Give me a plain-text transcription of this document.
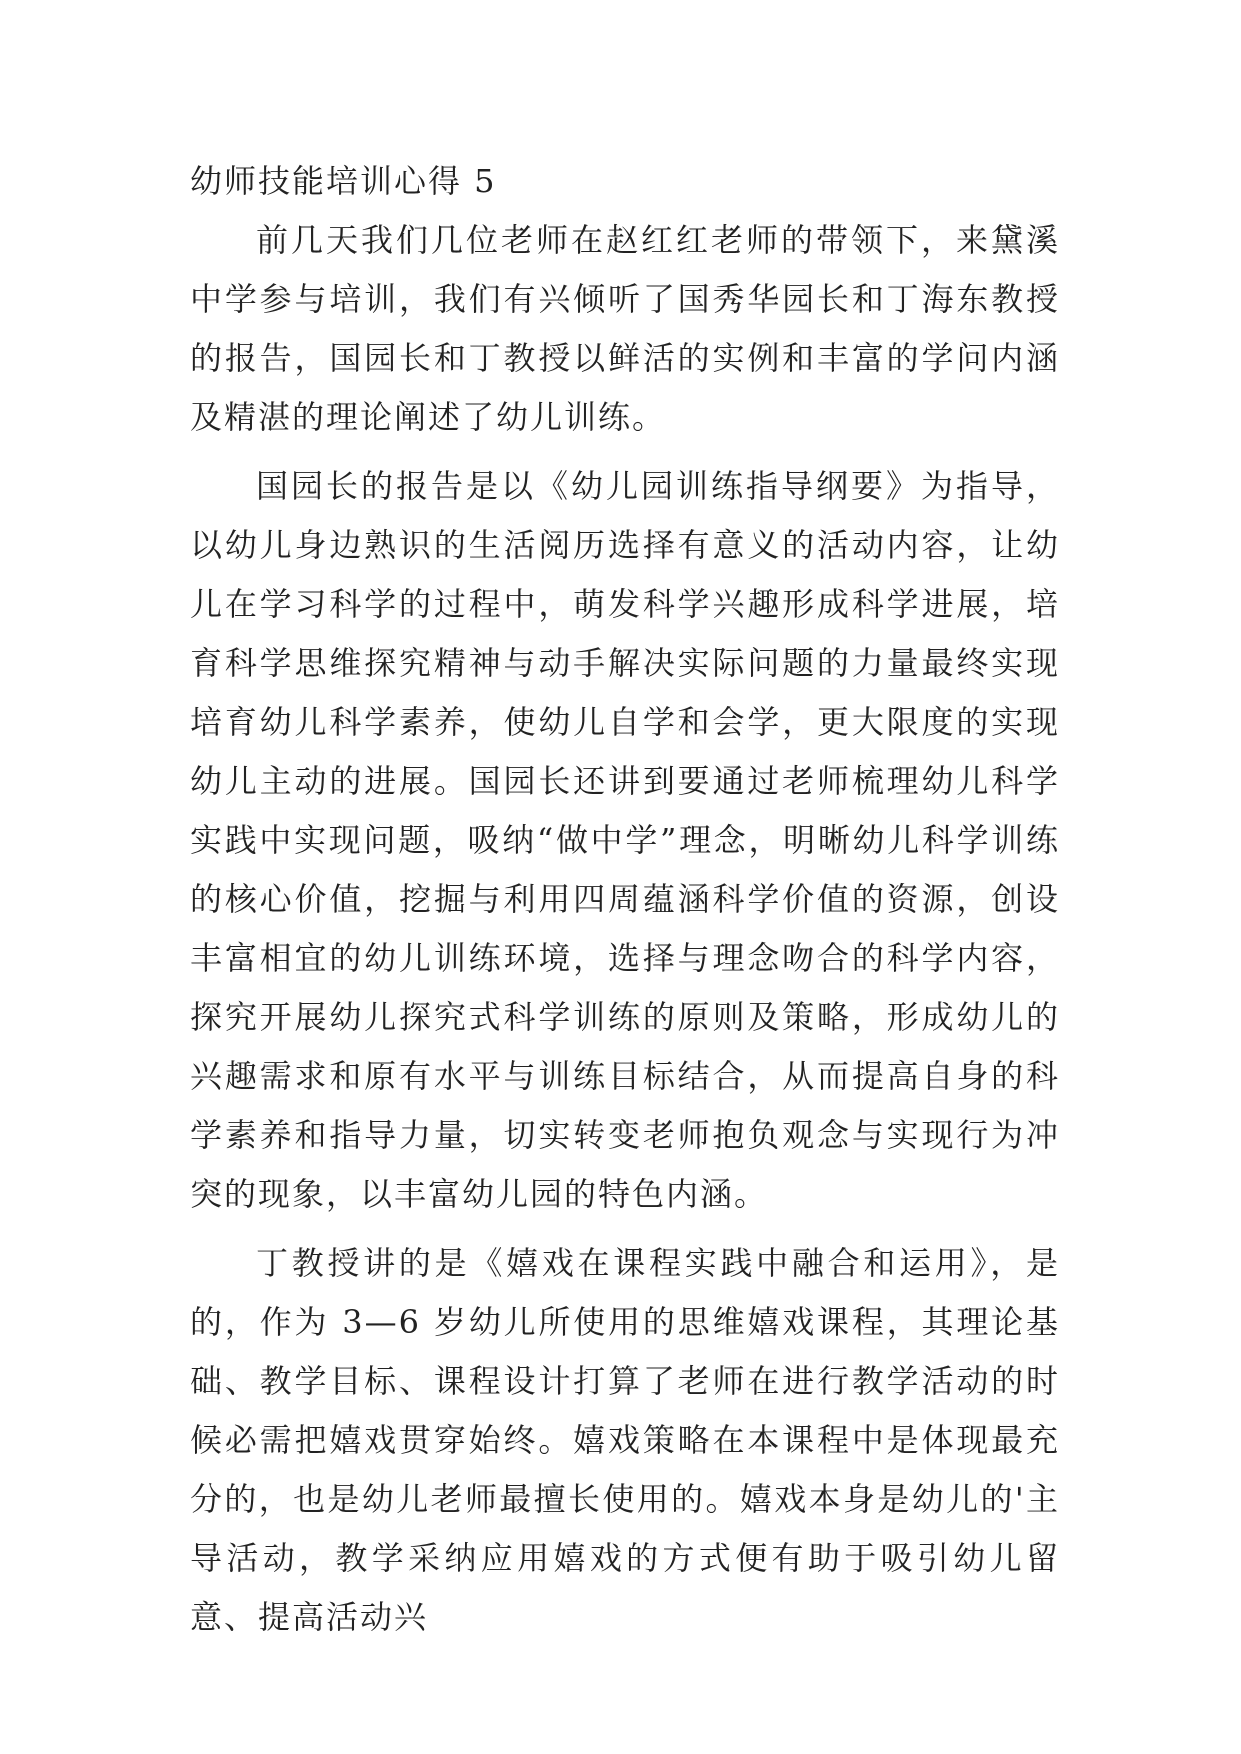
幼师技能培训心得 5

前几天我们几位老师在赵红红老师的带领下，来黛溪中学参与培训，我们有兴倾听了国秀华园长和丁海东教授的报告，国园长和丁教授以鲜活的实例和丰富的学问内涵及精湛的理论阐述了幼儿训练。

国园长的报告是以《幼儿园训练指导纲要》为指导，以幼儿身边熟识的生活阅历选择有意义的活动内容，让幼儿在学习科学的过程中，萌发科学兴趣形成科学进展，培育科学思维探究精神与动手解决实际问题的力量最终实现培育幼儿科学素养，使幼儿自学和会学，更大限度的实现幼儿主动的进展。国园长还讲到要通过老师梳理幼儿科学实践中实现问题，吸纳“做中学”理念，明晰幼儿科学训练的核心价值，挖掘与利用四周蕴涵科学价值的资源，创设丰富相宜的幼儿训练环境，选择与理念吻合的科学内容，探究开展幼儿探究式科学训练的原则及策略，形成幼儿的兴趣需求和原有水平与训练目标结合，从而提高自身的科学素养和指导力量，切实转变老师抱负观念与实现行为冲突的现象，以丰富幼儿园的特色内涵。

丁教授讲的是《嬉戏在课程实践中融合和运用》，是的，作为 3—6 岁幼儿所使用的思维嬉戏课程，其理论基础、教学目标、课程设计打算了老师在进行教学活动的时候必需把嬉戏贯穿始终。嬉戏策略在本课程中是体现最充分的，也是幼儿老师最擅长使用的。嬉戏本身是幼儿的'主导活动，教学采纳应用嬉戏的方式便有助于吸引幼儿留意、提高活动兴
